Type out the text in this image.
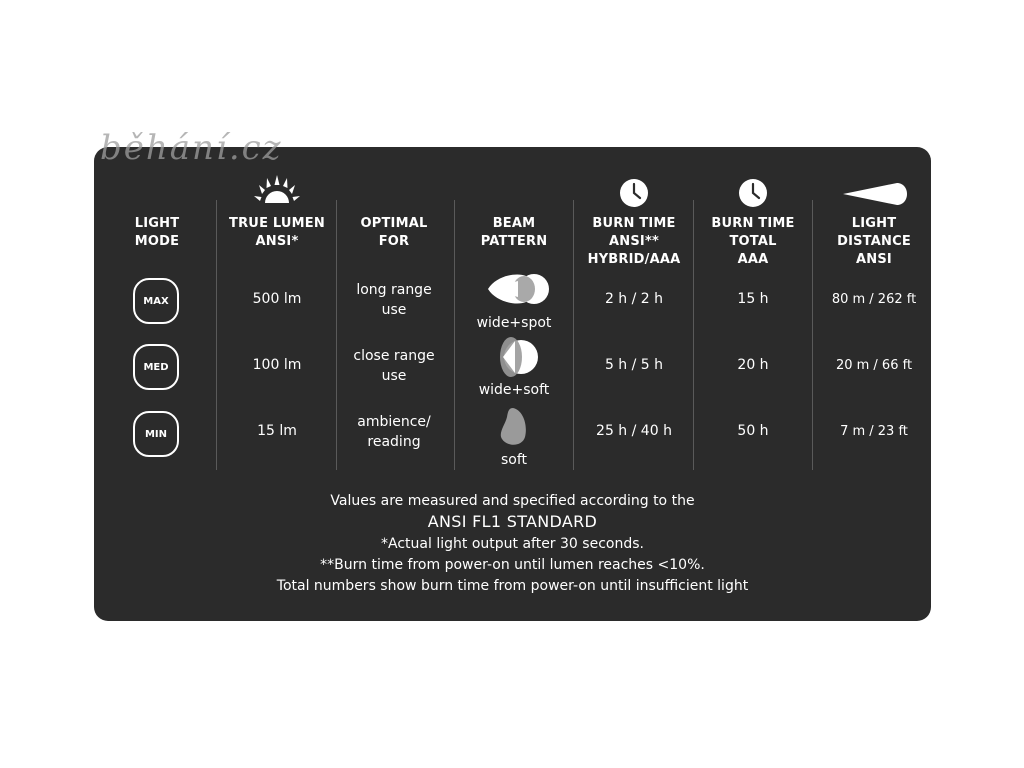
běhání.cz
LIGHT
MODE
MAX
MED
MIN
TRUE LUMEN
ANSI*
500 lm
100 lm
15 lm
OPTIMAL
FOR
long range
use
close range
use
ambience/
reading
BEAM
PATTERN
wide+spot
wide+soft
soft
BURN TIME
ANSI**
HYBRID/AAA
2 h / 2 h
5 h / 5 h
25 h / 40 h
BURN TIME
TOTAL
AAA
15 h
20 h
50 h
LIGHT
DISTANCE
ANSI
80 m / 262 ft
20 m / 66 ft
7 m / 23 ft
Values are measured and specified according to the
ANSI FL1 STANDARD
*Actual light output after 30 seconds.
**Burn time from power-on until lumen reaches <10%.
Total numbers show burn time from power-on until insufficient light
